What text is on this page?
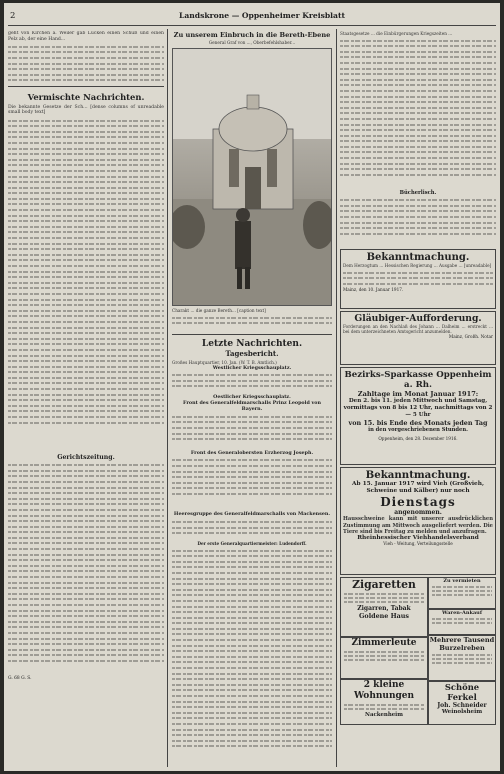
2	Landskrone — Oppenheimer Kreisblatt

geht von Kirchen a. Weiler gab Lucken einen Schuß und einen Pelz ab, der eine Hand...

Vermischte Nachrichten.

Die bekannte Gesetze der Sch... [dense columns of unreadable small body text]

Gerichtszeitung.
G. 68 G. S.
Zu unserem Einbruch in die Bereth-Ebene

General Graf von ..., Oberbefehlshaber...

Charakt ... die ganze Bereth... [caption text]

Letzte Nachrichten.
Tagesbericht.

Großes Hauptquartier, 10. Jan. (W. T. B. Amtlich.)

Westlicher Kriegsschauplatz.
Oestlicher Kriegsschauplatz.
Front des Generalfeldmarschalls Prinz Leopold von Bayern.
Front des Generalobersten Erzherzog Joseph.
Heeresgruppe des Generalfeldmarschalls von Mackensen.
Der erste Generalquartiermeister: Ludendorff.

Staatsgesetze ... die Einbürgerungen Kriegszeiten ...

Bücherlisch.
Bekanntmachung.

Dem Herzogtum ... Hessischen Regierung ... Ausgabe ... [unreadable]

Mainz, den 10. Januar 1917.
Gläubiger-Aufforderung.

Forderungen an den Nachlaß des Johann ... Dalheim ... erstreckt ... bei dem unterzeichneten Amtsgericht anzumelden.

Mainz, Großh. Notar
Bezirks-Sparkasse Oppenheim a. Rh.
Zahltage im Monat Januar 1917:
Den 2. bis 11. jeden Mittwoch und Samstag, vormittags von 8 bis 12 Uhr, nachmittags von 2 — 5 Uhr
von 15. bis Ende des Monats jeden Tag
in den vorgeschriebenen Stunden.
Oppenheim, den 28. Dezember 1916.
Bekanntmachung.
Ab 15. Januar 1917 wird Vieh (Großvieh, Schweine und Kälber) nur noch
Dienstags
angenommen.

Hausschweine kann mit unserer ausdrücklichen Zustimmung am Mittwoch ausgeliefert werden. Die Tiere sind bis Freitag zu melden und anzufragen.

Rheinhessischer Viehhandelsverband
Vieh - Weitung, Verteilungsstelle
Zigaretten
Zigarren, Tabak
Goldene Haus
Zu vermieten
Waren-Ankauf
Zimmerleute	Mehrere Tausend Burzelreben
2 kleine Wohnungen
Nackenheim
Schöne Ferkel
Joh. Schneider
Weinolsheim
